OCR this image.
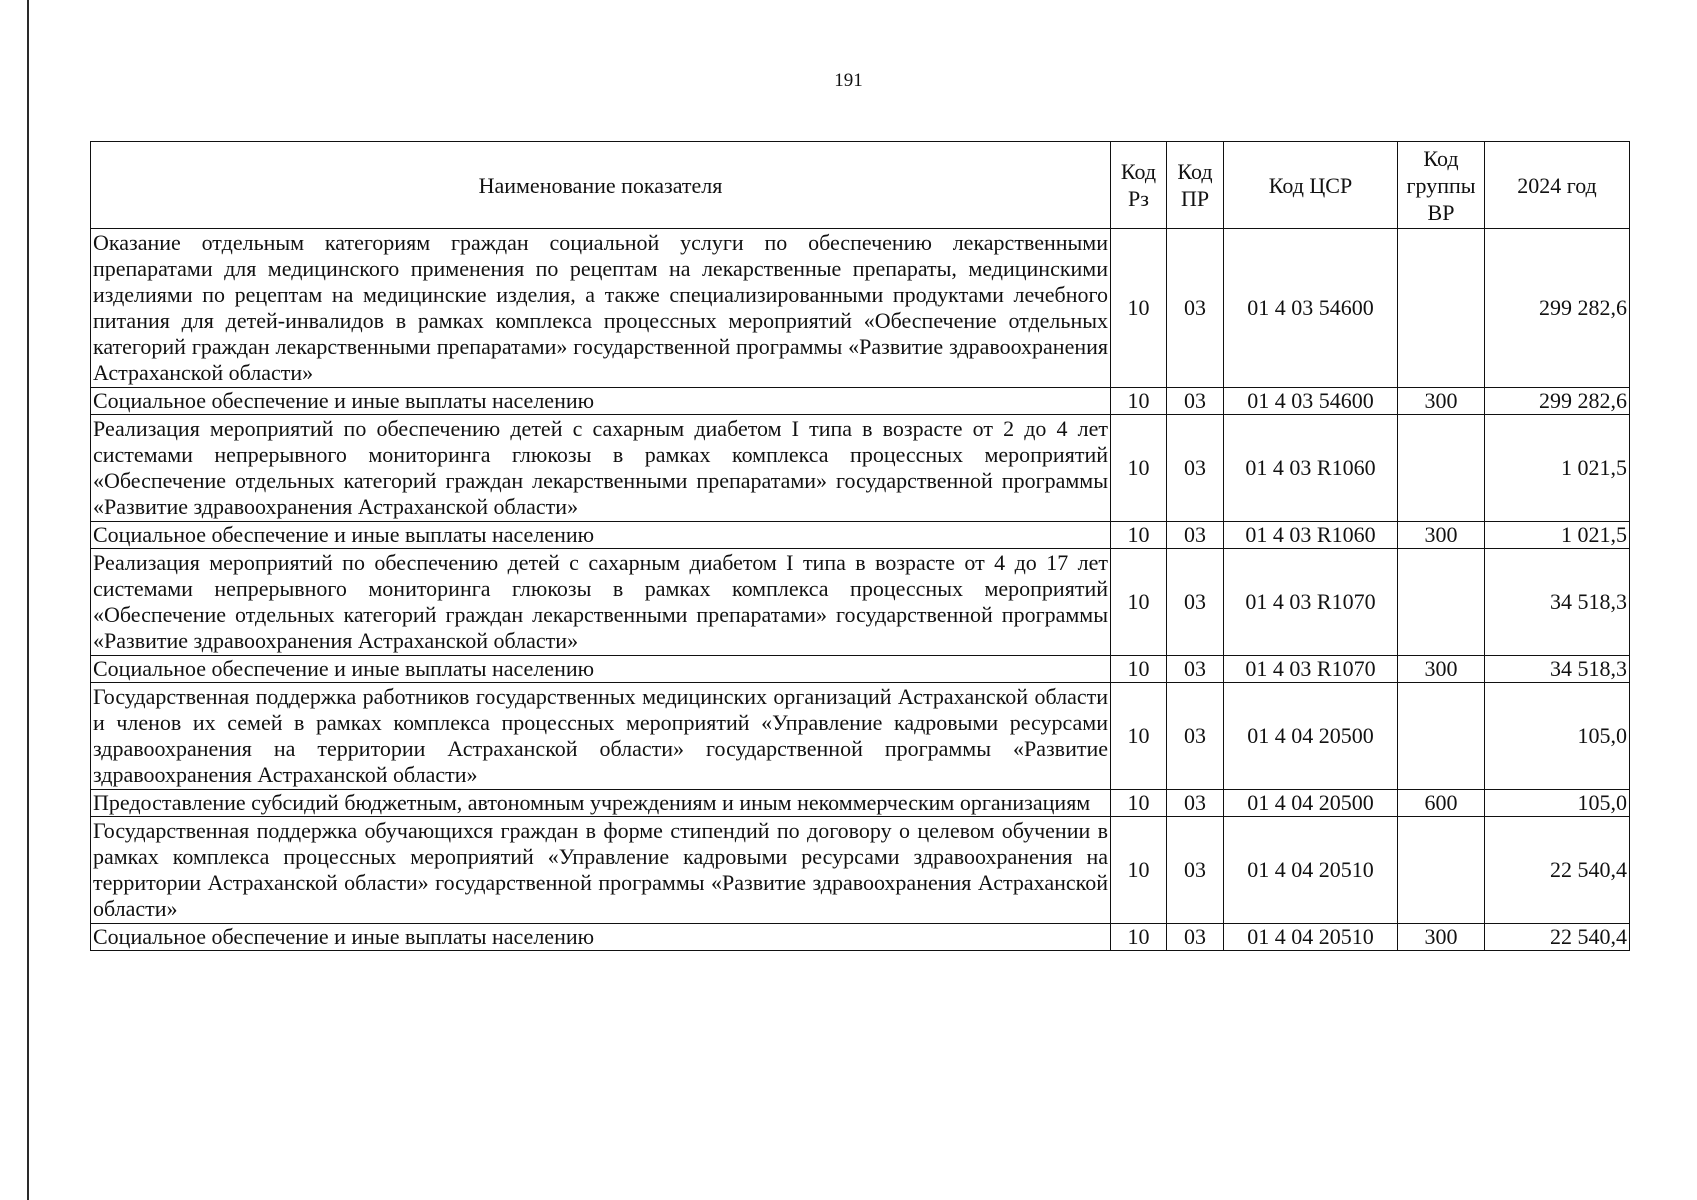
191
Наименование показателя	Код Рз	Код ПР	Код ЦСР	Код группы ВР	2024 год
Оказание отдельным категориям граждан социальной услуги по обеспечению лекарственными препаратами для медицинского применения по рецептам на лекарственные препараты, медицинскими изделиями по рецептам на медицинские изделия, а также специализированными продуктами лечебного питания для детей-инвалидов в рамках комплекса процессных мероприятий «Обеспечение отдельных категорий граждан лекарственными препаратами» государственной программы «Развитие здравоохранения Астраханской области»	10	03	01 4 03 54600		299 282,6
Социальное обеспечение и иные выплаты населению	10	03	01 4 03 54600	300	299 282,6
Реализация мероприятий по обеспечению детей с сахарным диабетом I типа в возрасте от 2 до 4 лет системами непрерывного мониторинга глюкозы в рамках комплекса процессных мероприятий «Обеспечение отдельных категорий граждан лекарственными препаратами» государственной программы «Развитие здравоохранения Астраханской области»	10	03	01 4 03 R1060		1 021,5
Социальное обеспечение и иные выплаты населению	10	03	01 4 03 R1060	300	1 021,5
Реализация мероприятий по обеспечению детей с сахарным диабетом I типа в возрасте от 4 до 17 лет системами непрерывного мониторинга глюкозы в рамках комплекса процессных мероприятий «Обеспечение отдельных категорий граждан лекарственными препаратами» государственной программы «Развитие здравоохранения Астраханской области»	10	03	01 4 03 R1070		34 518,3
Социальное обеспечение и иные выплаты населению	10	03	01 4 03 R1070	300	34 518,3
Государственная поддержка работников государственных медицинских организаций Астраханской области и членов их семей в рамках комплекса процессных мероприятий «Управление кадровыми ресурсами здравоохранения на территории Астраханской области» государственной программы «Развитие здравоохранения Астраханской области»	10	03	01 4 04 20500		105,0
Предоставление субсидий бюджетным, автономным учреждениям и иным некоммерческим организациям	10	03	01 4 04 20500	600	105,0
Государственная поддержка обучающихся граждан в форме стипендий по договору о целевом обучении в рамках комплекса процессных мероприятий «Управление кадровыми ресурсами здравоохранения на территории Астраханской области» государственной программы «Развитие здравоохранения Астраханской области»	10	03	01 4 04 20510		22 540,4
Социальное обеспечение и иные выплаты населению	10	03	01 4 04 20510	300	22 540,4
